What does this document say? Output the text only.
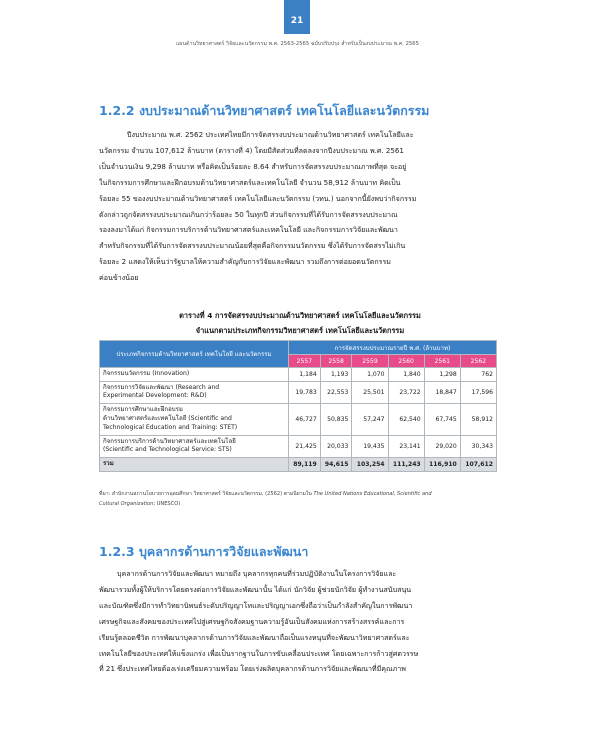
21
แผนด้านวิทยาศาสตร์ วิจัยและนวัตกรรม พ.ศ. 2563-2565 ฉบับปรับปรุง สำหรับเป็นงบประมาณ พ.ศ. 2565
1.2.2 งบประมาณด้านวิทยาศาสตร์ เทคโนโลยีและนวัตกรรม
ปีงบประมาณ พ.ศ. 2562 ประเทศไทยมีการจัดสรรงบประมาณด้านวิทยาศาสตร์ เทคโนโลยีและ
นวัตกรรม จำนวน 107,612 ล้านบาท (ตารางที่ 4) โดยมีสัดส่วนที่ลดลงจากปีงบประมาณ พ.ศ. 2561
เป็นจำนวนเงิน 9,298 ล้านบาท หรือคิดเป็นร้อยละ 8.64 สำหรับการจัดสรรงบประมาณภาพที่สุด จะอยู่
ในกิจกรรมการศึกษาและฝึกอบรมด้านวิทยาศาสตร์และเทคโนโลยี จำนวน 58,912 ล้านบาท คิดเป็น
ร้อยละ 55 ของงบประมาณด้านวิทยาศาสตร์ เทคโนโลยีและนวัตกรรม (วทน.) นอกจากนี้ยังพบว่ากิจกรรม
ดังกล่าวถูกจัดสรรงบประมาณเกินกว่าร้อยละ 50 ในทุกปี ส่วนกิจกรรมที่ได้รับการจัดสรรงบประมาณ
รองลงมาได้แก่ กิจกรรมการบริการด้านวิทยาศาสตร์และเทคโนโลยี และกิจกรรมการวิจัยและพัฒนา
สำหรับกิจกรรมที่ได้รับการจัดสรรงบประมาณน้อยที่สุดคือกิจกรรมนวัตกรรม ซึ่งได้รับการจัดสรรไม่เกิน
ร้อยละ 2 แสดงให้เห็นว่ารัฐบาลให้ความสำคัญกับการวิจัยและพัฒนา รวมถึงการต่อยอดนวัตกรรม
ค่อนข้างน้อย
ตารางที่ 4 การจัดสรรงบประมาณด้านวิทยาศาสตร์ เทคโนโลยีและนวัตกรรม
จำแนกตามประเภทกิจกรรมวิทยาศาสตร์ เทคโนโลยีและนวัตกรรม
ประเภทกิจกรรมด้านวิทยาศาสตร์ เทคโนโลยี และนวัตกรรม	การจัดสรรงบประมาณรายปี พ.ศ. (ล้านบาท)					
	2557	2558	2559	2560	2561	2562

กิจกรรมนวัตกรรม (Innovation)	1,184	1,193	1,070	1,840	1,298	762

กิจกรรมการวิจัยและพัฒนา (Research and
Experimental Development: R&D)	19,783	22,553	25,501	23,722	18,847	17,596

กิจกรรมการศึกษาและฝึกอบรม
ด้านวิทยาศาสตร์และเทคโนโลยี (Scientific and
Technological Education and Training: STET)	46,727	50,835	57,247	62,540	67,745	58,912

กิจกรรมการบริการด้านวิทยาศาสตร์และเทคโนโลยี
(Scientific and Technological Service: STS)	21,425	20,033	19,435	23,141	29,020	30,343
รวม	89,119	94,615	103,254	111,243	116,910	107,612
ที่มา: สำนักงานสภานโยบายการอุดมศึกษา วิทยาศาสตร์ วิจัยและนวัตกรรม, (2562) ตามนิยามใน The United Nations Educational, Scientific and
Cultural Organization; UNESCO)
1.2.3 บุคลากรด้านการวิจัยและพัฒนา
บุคลากรด้านการวิจัยและพัฒนา หมายถึง บุคลากรทุกคนที่ร่วมปฏิบัติงานในโครงการวิจัยและ
พัฒนารวมทั้งผู้ให้บริการโดยตรงต่อการวิจัยและพัฒนานั้น ได้แก่ นักวิจัย ผู้ช่วยนักวิจัย ผู้ทำงานสนับสนุน
และบัณฑิตซึ่งมีการทำวิทยานิพนธ์ระดับปริญญาโทและปริญญาเอกซึ่งถือว่าเป็นกำลังสำคัญในการพัฒนา
เศรษฐกิจและสังคมของประเทศไปสู่เศรษฐกิจสังคมฐานความรู้อันเป็นสังคมแห่งการสร้างสรรค์และการ
เรียนรู้ตลอดชีวิต การพัฒนาบุคลากรด้านการวิจัยและพัฒนาถือเป็นแรงหนุนที่จะพัฒนาวิทยาศาสตร์และ
เทคโนโลยีของประเทศให้แข็งแกร่ง เพื่อเป็นรากฐานในการขับเคลื่อนประเทศ โดยเฉพาะการก้าวสู่ศตวรรษ
ที่ 21 ซึ่งประเทศไทยต้องเร่งเตรียมความพร้อม โดยเร่งผลิตบุคลากรด้านการวิจัยและพัฒนาที่มีคุณภาพ
